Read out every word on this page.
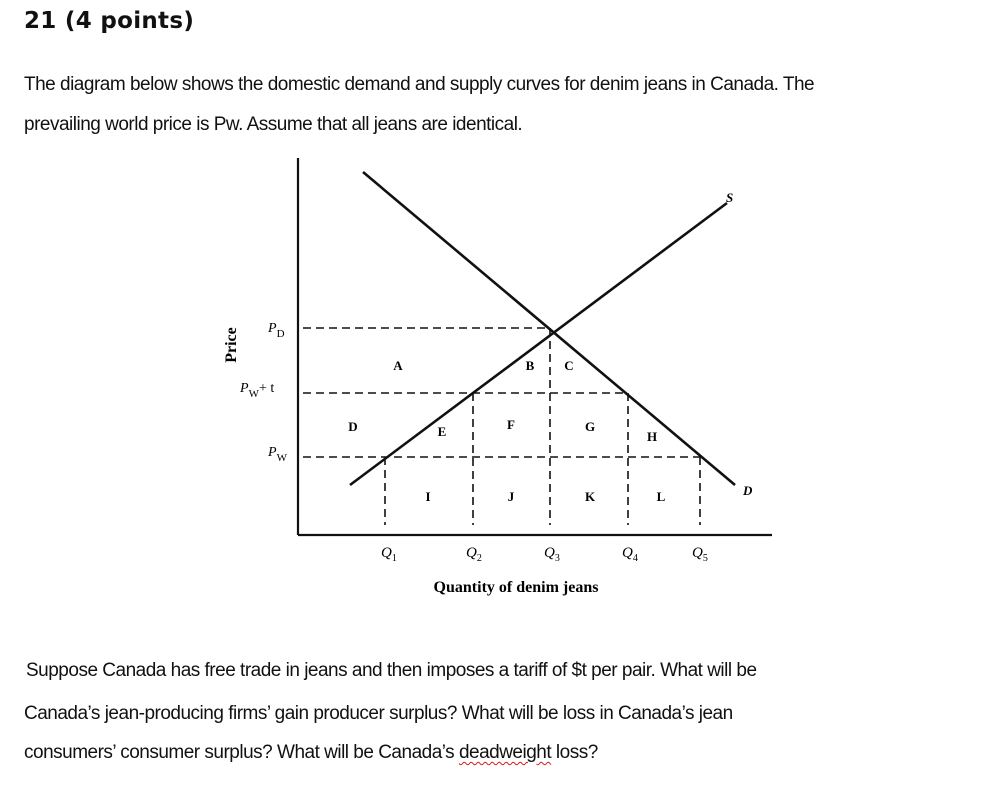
21 (4 points)
The diagram below shows the domestic demand and supply curves for denim jeans in Canada. The
prevailing world price is Pw. Assume that all jeans are identical.
Price $P_D$
$P_W+ t$
$P_W$
$Q_1$	$Q_2$	$Q_3$	$Q_4$	$Q_5$
Quantity of denim jeans
S
D
A	B C
D	E	F	G
H
I	J	K	L
Suppose Canada has free trade in jeans and then imposes a tariff of $t per pair. What will be
Canada’s jean-producing firms’ gain producer surplus? What will be loss in Canada’s jean
consumers’ consumer surplus? What will be Canada’s deadweight loss?
